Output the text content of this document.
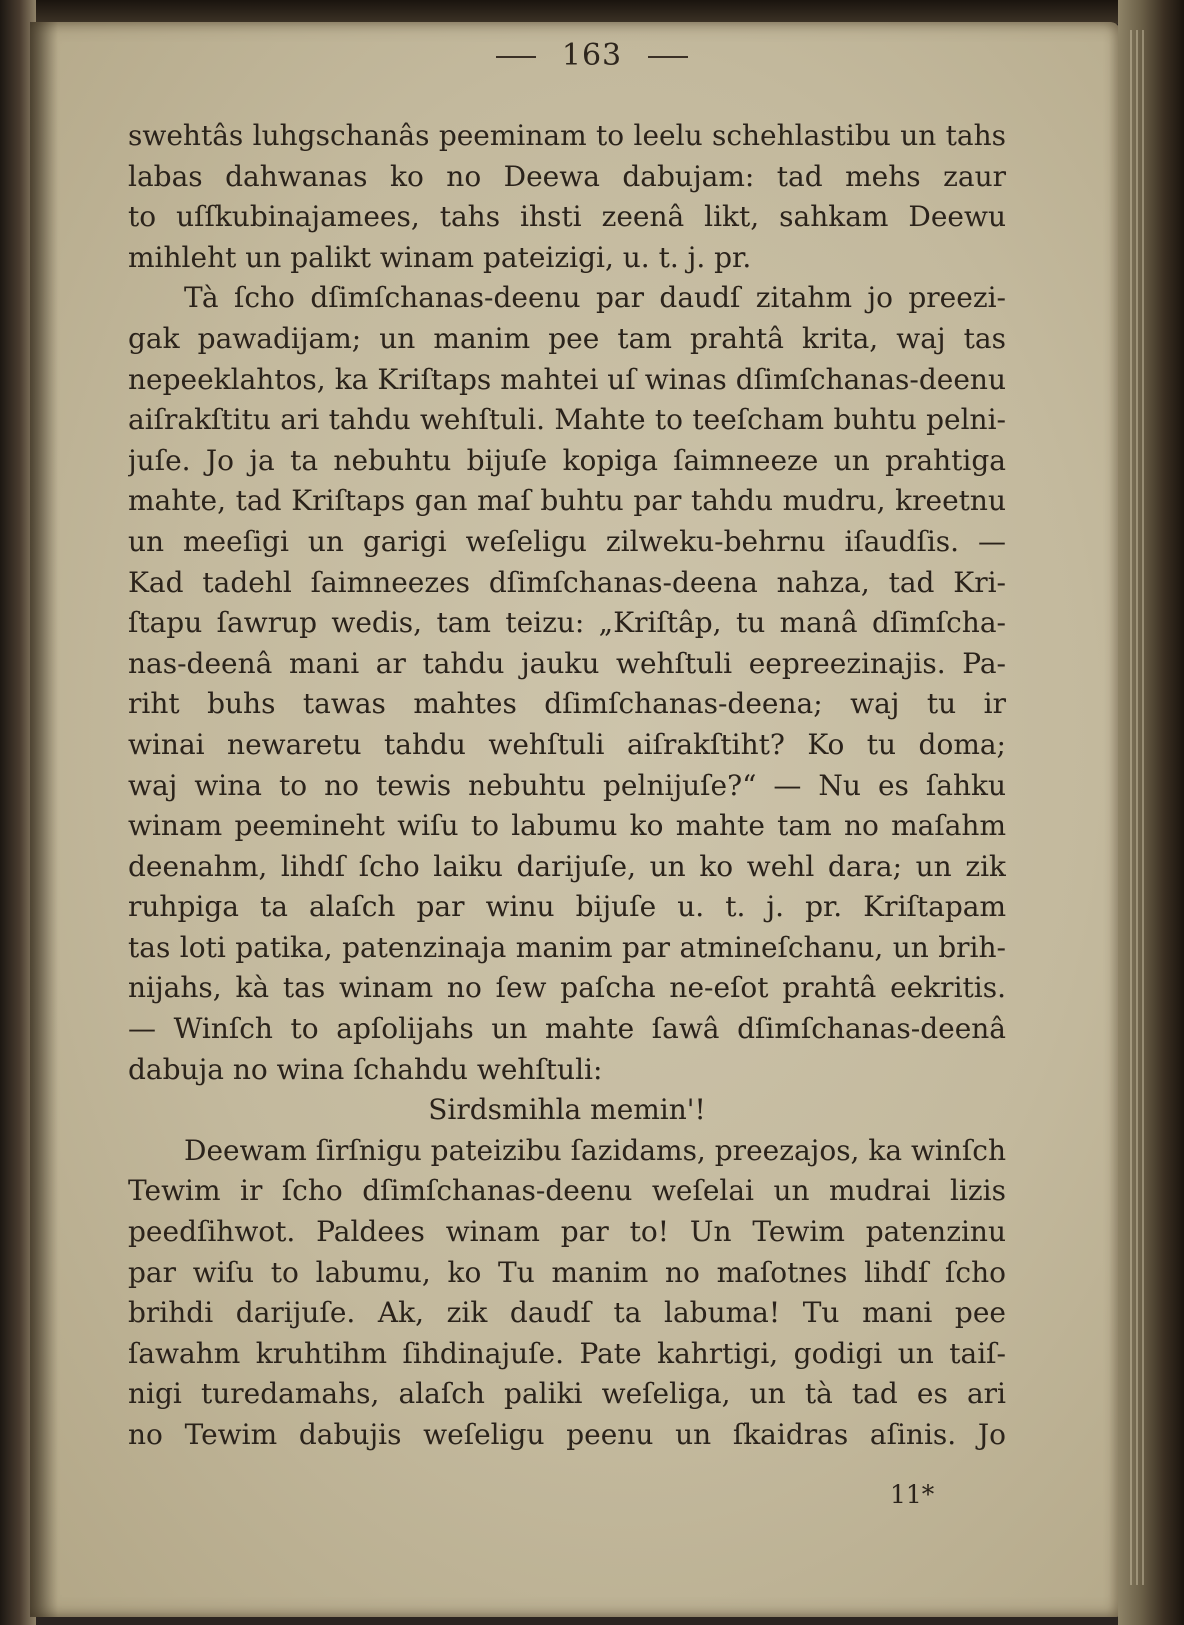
163
swehtâs luhgschanâs peeminam to leelu schehlastibu un tahs
labas dahwanas ko no Deewa dabujam: tad mehs zaur
to uſſkubinajamees, tahs ihsti zeenâ likt, sahkam Deewu
mihleht un palikt winam pateizigi, u. t. j. pr.
Tà ſcho dſimſchanas-deenu par daudſ zitahm jo preezi-
gak pawadijam; un manim pee tam prahtâ krita, waj tas
nepeeklahtos, ka Kriſtaps mahtei uſ winas dſimſchanas-deenu
aiſrakſtitu ari tahdu wehſtuli. Mahte to teeſcham buhtu pelni-
juſe. Jo ja ta nebuhtu bijuſe kopiga ſaimneeze un prahtiga
mahte, tad Kriſtaps gan maſ buhtu par tahdu mudru, kreetnu
un meeſigi un garigi weſeligu zilweku-behrnu iſaudſis. —
Kad tadehl ſaimneezes dſimſchanas-deena nahza, tad Kri-
ſtapu ſawrup wedis, tam teizu: „Kriſtâp, tu manâ dſimſcha-
nas-deenâ mani ar tahdu jauku wehſtuli eepreezinajis. Pa-
riht buhs tawas mahtes dſimſchanas-deena; waj tu ir
winai newaretu tahdu wehſtuli aiſrakſtiht? Ko tu doma;
waj wina to no tewis nebuhtu pelnijuſe?“ — Nu es ſahku
winam peemineht wiſu to labumu ko mahte tam no maſahm
deenahm, lihdſ ſcho laiku darijuſe, un ko wehl dara; un zik
ruhpiga ta alaſch par winu bijuſe u. t. j. pr. Kriſtapam
tas loti patika, patenzinaja manim par atmineſchanu, un brih-
nijahs, kà tas winam no ſew paſcha ne-eſot prahtâ eekritis.
— Winſch to apſolijahs un mahte ſawâ dſimſchanas-deenâ
dabuja no wina ſchahdu wehſtuli:
Sirdsmihla memin'!
Deewam ſirſnigu pateizibu ſazidams, preezajos, ka winſch
Tewim ir ſcho dſimſchanas-deenu weſelai un mudrai lizis
peedſihwot. Paldees winam par to! Un Tewim patenzinu
par wiſu to labumu, ko Tu manim no maſotnes lihdſ ſcho
brihdi darijuſe. Ak, zik daudſ ta labuma! Tu mani pee
ſawahm kruhtihm ſihdinajuſe. Pate kahrtigi, godigi un taiſ-
nigi turedamahs, alaſch paliki weſeliga, un tà tad es ari
no Tewim dabujis weſeligu peenu un ſkaidras aſinis. Jo
11*
